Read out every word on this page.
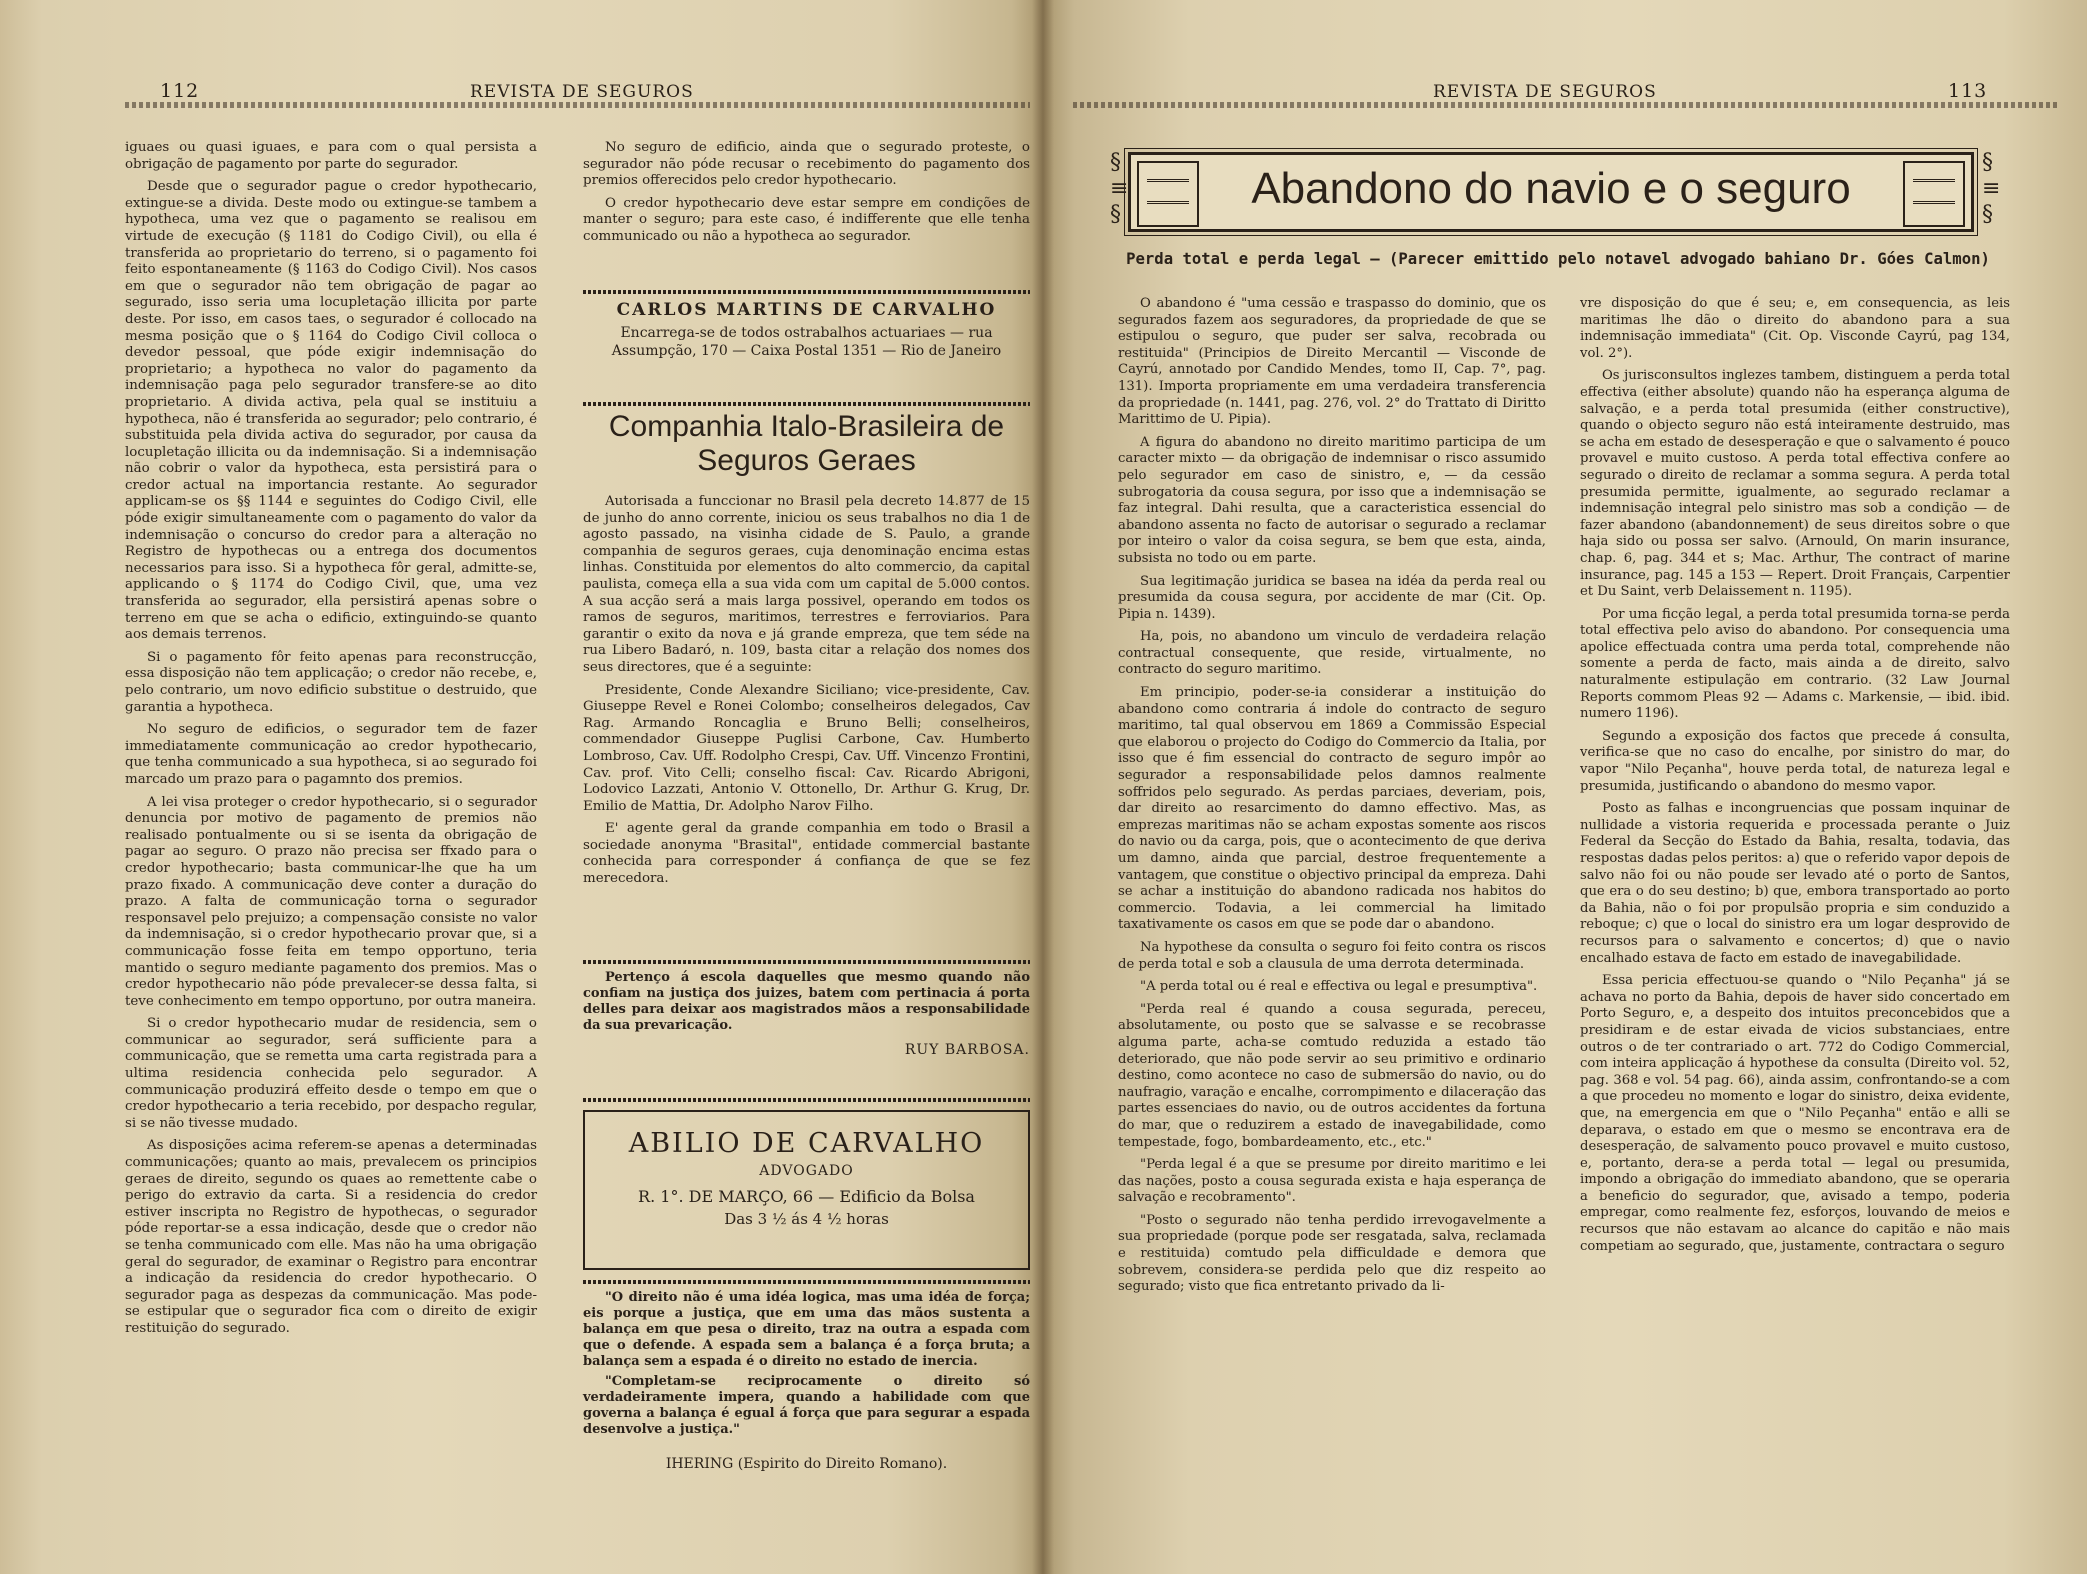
112	REVISTA DE SEGUROS

iguaes ou quasi iguaes, e para com o qual persista a obrigação de pagamento por parte do segurador.

Desde que o segurador pague o credor hypothecario, extingue-se a divida. Deste modo ou extingue-se tambem a hypotheca, uma vez que o pagamento se realisou em virtude de execução (§ 1181 do Codigo Civil), ou ella é transferida ao proprietario do terreno, si o pagamento foi feito espontaneamente (§ 1163 do Codigo Civil). Nos casos em que o segurador não tem obrigação de pagar ao segurado, isso seria uma locupletação illicita por parte deste. Por isso, em casos taes, o segurador é collocado na mesma posição que o § 1164 do Codigo Civil colloca o devedor pessoal, que póde exigir indemnisação do proprietario; a hypotheca no valor do pagamento da indemnisação paga pelo segurador transfere-se ao dito proprietario. A divida activa, pela qual se instituiu a hypotheca, não é transferida ao segurador; pelo contrario, é substituida pela divida activa do segurador, por causa da locupletação illicita ou da indemnisação. Si a indemnisação não cobrir o valor da hypotheca, esta persistirá para o credor actual na importancia restante. Ao segurador applicam-se os §§ 1144 e seguintes do Codigo Civil, elle póde exigir simultaneamente com o pagamento do valor da indemnisação o concurso do credor para a alteração no Registro de hypothecas ou a entrega dos documentos necessarios para isso. Si a hypotheca fôr geral, admitte-se, applicando o § 1174 do Codigo Civil, que, uma vez transferida ao segurador, ella persistirá apenas sobre o terreno em que se acha o edificio, extinguindo-se quanto aos demais terrenos.

Si o pagamento fôr feito apenas para reconstrucção, essa disposição não tem applicação; o credor não recebe, e, pelo contrario, um novo edificio substitue o destruido, que garantia a hypotheca.

No seguro de edificios, o segurador tem de fazer immediatamente communicação ao credor hypothecario, que tenha communicado a sua hypotheca, si ao segurado foi marcado um prazo para o pagamnto dos premios.

A lei visa proteger o credor hypothecario, si o segurador denuncia por motivo de pagamento de premios não realisado pontualmente ou si se isenta da obrigação de pagar ao seguro. O prazo não precisa ser ffxado para o credor hypothecario; basta communicar-lhe que ha um prazo fixado. A communicação deve conter a duração do prazo. A falta de communicação torna o segurador responsavel pelo prejuizo; a compensação consiste no valor da indemnisação, si o credor hypothecario provar que, si a communicação fosse feita em tempo opportuno, teria mantido o seguro mediante pagamento dos premios. Mas o credor hypothecario não póde prevalecer-se dessa falta, si teve conhecimento em tempo opportuno, por outra maneira.

Si o credor hypothecario mudar de residencia, sem o communicar ao segurador, será sufficiente para a communicação, que se remetta uma carta registrada para a ultima residencia conhecida pelo segurador. A communicação produzirá effeito desde o tempo em que o credor hypothecario a teria recebido, por despacho regular, si se não tivesse mudado.

As disposições acima referem-se apenas a determinadas communicações; quanto ao mais, prevalecem os principios geraes de direito, segundo os quaes ao remettente cabe o perigo do extravio da carta. Si a residencia do credor estiver inscripta no Registro de hypothecas, o segurador póde reportar-se a essa indicação, desde que o credor não se tenha communicado com elle. Mas não ha uma obrigação geral do segurador, de examinar o Registro para encontrar a indicação da residencia do credor hypothecario. O segurador paga as despezas da communicação. Mas pode-se estipular que o segurador fica com o direito de exigir restituição do segurado.

No seguro de edificio, ainda que o segurado proteste, o segurador não póde recusar o recebimento do pagamento dos premios offerecidos pelo credor hypothecario.

O credor hypothecario deve estar sempre em condições de manter o seguro; para este caso, é indifferente que elle tenha communicado ou não a hypotheca ao segurador.

CARLOS MARTINS DE CARVALHO
Encarrega-se de todos ostrabalhos actuariaes — rua Assumpção, 170 — Caixa Postal 1351 — Rio de Janeiro
Companhia Italo-Brasileira de Seguros Geraes

Autorisada a funccionar no Brasil pela decreto 14.877 de 15 de junho do anno corrente, iniciou os seus trabalhos no dia 1 de agosto passado, na visinha cidade de S. Paulo, a grande companhia de seguros geraes, cuja denominação encima estas linhas. Constituida por elementos do alto commercio, da capital paulista, começa ella a sua vida com um capital de 5.000 contos. A sua acção será a mais larga possivel, operando em todos os ramos de seguros, maritimos, terrestres e ferroviarios. Para garantir o exito da nova e já grande empreza, que tem séde na rua Libero Badaró, n. 109, basta citar a relação dos nomes dos seus directores, que é a seguinte:

Presidente, Conde Alexandre Siciliano; vice-presidente, Cav. Giuseppe Revel e Ronei Colombo; conselheiros delegados, Cav Rag. Armando Roncaglia e Bruno Belli; conselheiros, commendador Giuseppe Puglisi Carbone, Cav. Humberto Lombroso, Cav. Uff. Rodolpho Crespi, Cav. Uff. Vincenzo Frontini, Cav. prof. Vito Celli; conselho fiscal: Cav. Ricardo Abrigoni, Lodovico Lazzati, Antonio V. Ottonello, Dr. Arthur G. Krug, Dr. Emilio de Mattia, Dr. Adolpho Narov Filho.

E' agente geral da grande companhia em todo o Brasil a sociedade anonyma "Brasital", entidade commercial bastante conhecida para corresponder á confiança de que se fez merecedora.

Pertenço á escola daquelles que mesmo quando não confiam na justiça dos juizes, batem com pertinacia á porta delles para deixar aos magistrados mãos a responsabilidade da sua prevaricação.
RUY BARBOSA.
ABILIO DE CARVALHO
ADVOGADO
R. 1°. DE MARÇO, 66 — Edificio da Bolsa
Das 3 ½ ás 4 ½ horas
"O direito não é uma idéa logica, mas uma idéa de força; eis porque a justiça, que em uma das mãos sustenta a balança em que pesa o direito, traz na outra a espada com que o defende. A espada sem a balança é a força bruta; a balança sem a espada é o direito no estado de inercia.
"Completam-se reciprocamente o direito só verdadeiramente impera, quando a habilidade com que governa a balança é egual á força que para segurar a espada desenvolve a justiça."
IHERING (Espirito do Direito Romano).
REVISTA DE SEGUROS	113
§
≡
§
§
≡
§
Abandono do navio e o seguro
Perda total e perda legal — (Parecer emittido pelo notavel advogado bahiano Dr. Góes Calmon)

O abandono é "uma cessão e traspasso do dominio, que os segurados fazem aos seguradores, da propriedade de que se estipulou o seguro, que puder ser salva, recobrada ou restituida" (Principios de Direito Mercantil — Visconde de Cayrú, annotado por Candido Mendes, tomo II, Cap. 7°, pag. 131). Importa propriamente em uma verdadeira transferencia da propriedade (n. 1441, pag. 276, vol. 2° do Trattato di Diritto Marittimo de U. Pipia).

A figura do abandono no direito maritimo participa de um caracter mixto — da obrigação de indemnisar o risco assumido pelo segurador em caso de sinistro, e, — da cessão subrogatoria da cousa segura, por isso que a indemnisação se faz integral. Dahi resulta, que a caracteristica essencial do abandono assenta no facto de autorisar o segurado a reclamar por inteiro o valor da coisa segura, se bem que esta, ainda, subsista no todo ou em parte.

Sua legitimação juridica se basea na idéa da perda real ou presumida da cousa segura, por accidente de mar (Cit. Op. Pipia n. 1439).

Ha, pois, no abandono um vinculo de verdadeira relação contractual consequente, que reside, virtualmente, no contracto do seguro maritimo.

Em principio, poder-se-ia considerar a instituição do abandono como contraria á indole do contracto de seguro maritimo, tal qual observou em 1869 a Commissão Especial que elaborou o projecto do Codigo do Commercio da Italia, por isso que é fim essencial do contracto de seguro impôr ao segurador a responsabilidade pelos damnos realmente soffridos pelo segurado. As perdas parciaes, deveriam, pois, dar direito ao resarcimento do damno effectivo. Mas, as emprezas maritimas não se acham expostas somente aos riscos do navio ou da carga, pois, que o acontecimento de que deriva um damno, ainda que parcial, destroe frequentemente a vantagem, que constitue o objectivo principal da empreza. Dahi se achar a instituição do abandono radicada nos habitos do commercio. Todavia, a lei commercial ha limitado taxativamente os casos em que se pode dar o abandono.

Na hypothese da consulta o seguro foi feito contra os riscos de perda total e sob a clausula de uma derrota determinada.

"A perda total ou é real e effectiva ou legal e presumptiva".

"Perda real é quando a cousa segurada, pereceu, absolutamente, ou posto que se salvasse e se recobrasse alguma parte, acha-se comtudo reduzida a estado tão deteriorado, que não pode servir ao seu primitivo e ordinario destino, como acontece no caso de submersão do navio, ou do naufragio, varação e encalhe, corrompimento e dilaceração das partes essenciaes do navio, ou de outros accidentes da fortuna do mar, que o reduzirem a estado de inavegabilidade, como tempestade, fogo, bombardeamento, etc., etc."

"Perda legal é a que se presume por direito maritimo e lei das nações, posto a cousa segurada exista e haja esperança de salvação e recobramento".

"Posto o segurado não tenha perdido irrevogavelmente a sua propriedade (porque pode ser resgatada, salva, reclamada e restituida) comtudo pela difficuldade e demora que sobrevem, considera-se perdida pelo que diz respeito ao segurado; visto que fica entretanto privado da li-

vre disposição do que é seu; e, em consequencia, as leis maritimas lhe dão o direito do abandono para a sua indemnisação immediata" (Cit. Op. Visconde Cayrú, pag 134, vol. 2°).

Os jurisconsultos inglezes tambem, distinguem a perda total effectiva (either absolute) quando não ha esperança alguma de salvação, e a perda total presumida (either constructive), quando o objecto seguro não está inteiramente destruido, mas se acha em estado de desesperação e que o salvamento é pouco provavel e muito custoso. A perda total effectiva confere ao segurado o direito de reclamar a somma segura. A perda total presumida permitte, igualmente, ao segurado reclamar a indemnisação integral pelo sinistro mas sob a condição — de fazer abandono (abandonnement) de seus direitos sobre o que haja sido ou possa ser salvo. (Arnould, On marin insurance, chap. 6, pag. 344 et s; Mac. Arthur, The contract of marine insurance, pag. 145 a 153 — Repert. Droit Français, Carpentier et Du Saint, verb Delaissement n. 1195).

Por uma ficção legal, a perda total presumida torna-se perda total effectiva pelo aviso do abandono. Por consequencia uma apolice effectuada contra uma perda total, comprehende não somente a perda de facto, mais ainda a de direito, salvo naturalmente estipulação em contrario. (32 Law Journal Reports commom Pleas 92 — Adams c. Markensie, — ibid. ibid. numero 1196).

Segundo a exposição dos factos que precede á consulta, verifica-se que no caso do encalhe, por sinistro do mar, do vapor "Nilo Peçanha", houve perda total, de natureza legal e presumida, justificando o abandono do mesmo vapor.

Posto as falhas e incongruencias que possam inquinar de nullidade a vistoria requerida e processada perante o Juiz Federal da Secção do Estado da Bahia, resalta, todavia, das respostas dadas pelos peritos: a) que o referido vapor depois de salvo não foi ou não poude ser levado até o porto de Santos, que era o do seu destino; b) que, embora transportado ao porto da Bahia, não o foi por propulsão propria e sim conduzido a reboque; c) que o local do sinistro era um logar desprovido de recursos para o salvamento e concertos; d) que o navio encalhado estava de facto em estado de inavegabilidade.

Essa pericia effectuou-se quando o "Nilo Peçanha" já se achava no porto da Bahia, depois de haver sido concertado em Porto Seguro, e, a despeito dos intuitos preconcebidos que a presidiram e de estar eivada de vicios substanciaes, entre outros o de ter contrariado o art. 772 do Codigo Commercial, com inteira applicação á hypothese da consulta (Direito vol. 52, pag. 368 e vol. 54 pag. 66), ainda assim, confrontando-se a com a que procedeu no momento e logar do sinistro, deixa evidente, que, na emergencia em que o "Nilo Peçanha" então e alli se deparava, o estado em que o mesmo se encontrava era de desesperação, de salvamento pouco provavel e muito custoso, e, portanto, dera-se a perda total — legal ou presumida, impondo a obrigação do immediato abandono, que se operaria a beneficio do segurador, que, avisado a tempo, poderia empregar, como realmente fez, esforços, louvando de meios e recursos que não estavam ao alcance do capitão e não mais competiam ao segurado, que, justamente, contractara o seguro
